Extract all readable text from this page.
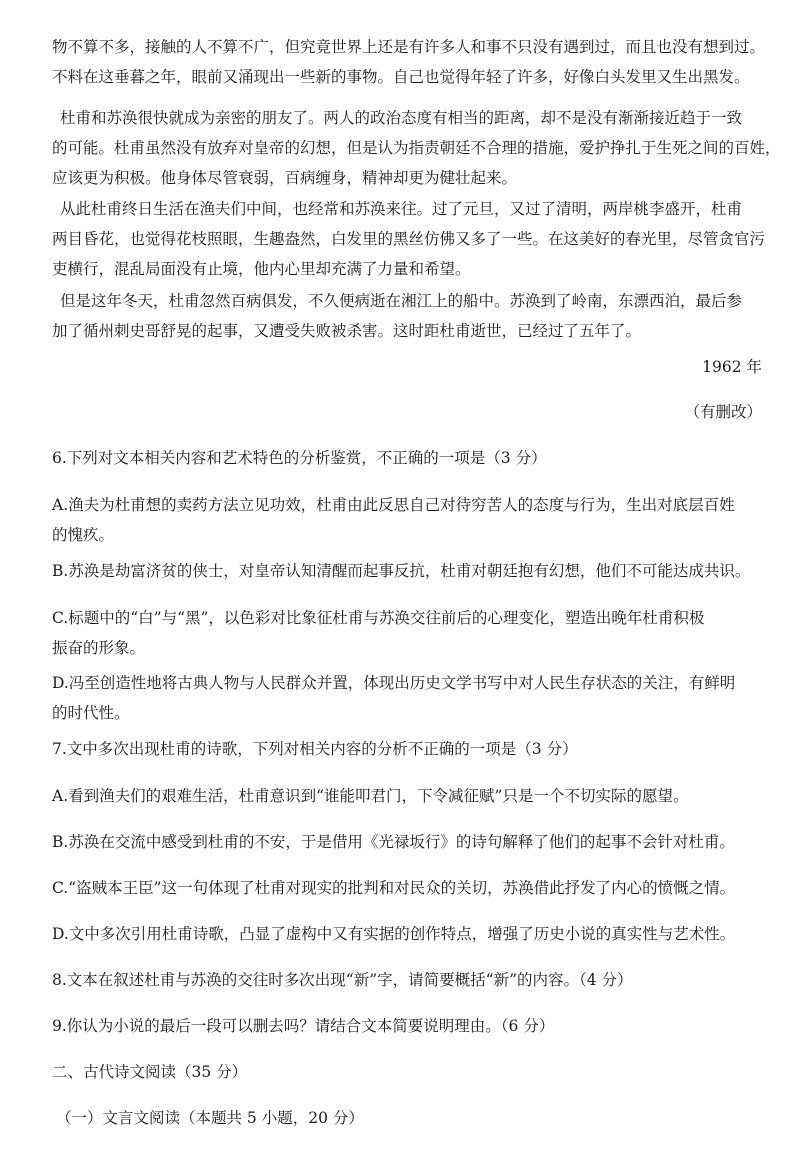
物不算不多，接触的人不算不广，但究竟世界上还是有许多人和事不只没有遇到过，而且也没有想到过。
不料在这垂暮之年，眼前又涌现出一些新的事物。自己也觉得年轻了许多，好像白头发里又生出黑发。
杜甫和苏涣很快就成为亲密的朋友了。两人的政治态度有相当的距离，却不是没有渐渐接近趋于一致
的可能。杜甫虽然没有放弃对皇帝的幻想，但是认为指责朝廷不合理的措施，爱护挣扎于生死之间的百姓，
应该更为积极。他身体尽管衰弱，百病缠身，精神却更为健壮起来。
从此杜甫终日生活在渔夫们中间，也经常和苏涣来往。过了元旦，又过了清明，两岸桃李盛开，杜甫
两目昏花，也觉得花枝照眼，生趣盎然，白发里的黑丝仿佛又多了一些。在这美好的春光里，尽管贪官污
吏横行，混乱局面没有止境，他内心里却充满了力量和希望。
但是这年冬天，杜甫忽然百病俱发，不久便病逝在湘江上的船中。苏涣到了岭南，东漂西泊，最后参
加了循州刺史哥舒晃的起事，又遭受失败被杀害。这时距杜甫逝世，已经过了五年了。
1962 年
（有删改）
6.下列对文本相关内容和艺术特色的分析鉴赏，不正确的一项是（3 分）
A.渔夫为杜甫想的卖药方法立见功效，杜甫由此反思自己对待穷苦人的态度与行为，生出对底层百姓
的愧疚。
B.苏涣是劫富济贫的侠士，对皇帝认知清醒而起事反抗，杜甫对朝廷抱有幻想，他们不可能达成共识。
C.标题中的“白”与“黑”，以色彩对比象征杜甫与苏涣交往前后的心理变化，塑造出晚年杜甫积极
振奋的形象。
D.冯至创造性地将古典人物与人民群众并置，体现出历史文学书写中对人民生存状态的关注，有鲜明
的时代性。
7.文中多次出现杜甫的诗歌，下列对相关内容的分析不正确的一项是（3 分）
A.看到渔夫们的艰难生活，杜甫意识到“谁能叩君门，下令减征赋”只是一个不切实际的愿望。
B.苏涣在交流中感受到杜甫的不安，于是借用《光禄坂行》的诗句解释了他们的起事不会针对杜甫。
C.“盗贼本王臣”这一句体现了杜甫对现实的批判和对民众的关切，苏涣借此抒发了内心的愤慨之情。
D.文中多次引用杜甫诗歌，凸显了虚构中又有实据的创作特点，增强了历史小说的真实性与艺术性。
8.文本在叙述杜甫与苏涣的交往时多次出现“新”字，请简要概括“新”的内容。（4 分）
9.你认为小说的最后一段可以删去吗？请结合文本简要说明理由。（6 分）
二、古代诗文阅读（35 分）
（一）文言文阅读（本题共 5 小题，20 分）
